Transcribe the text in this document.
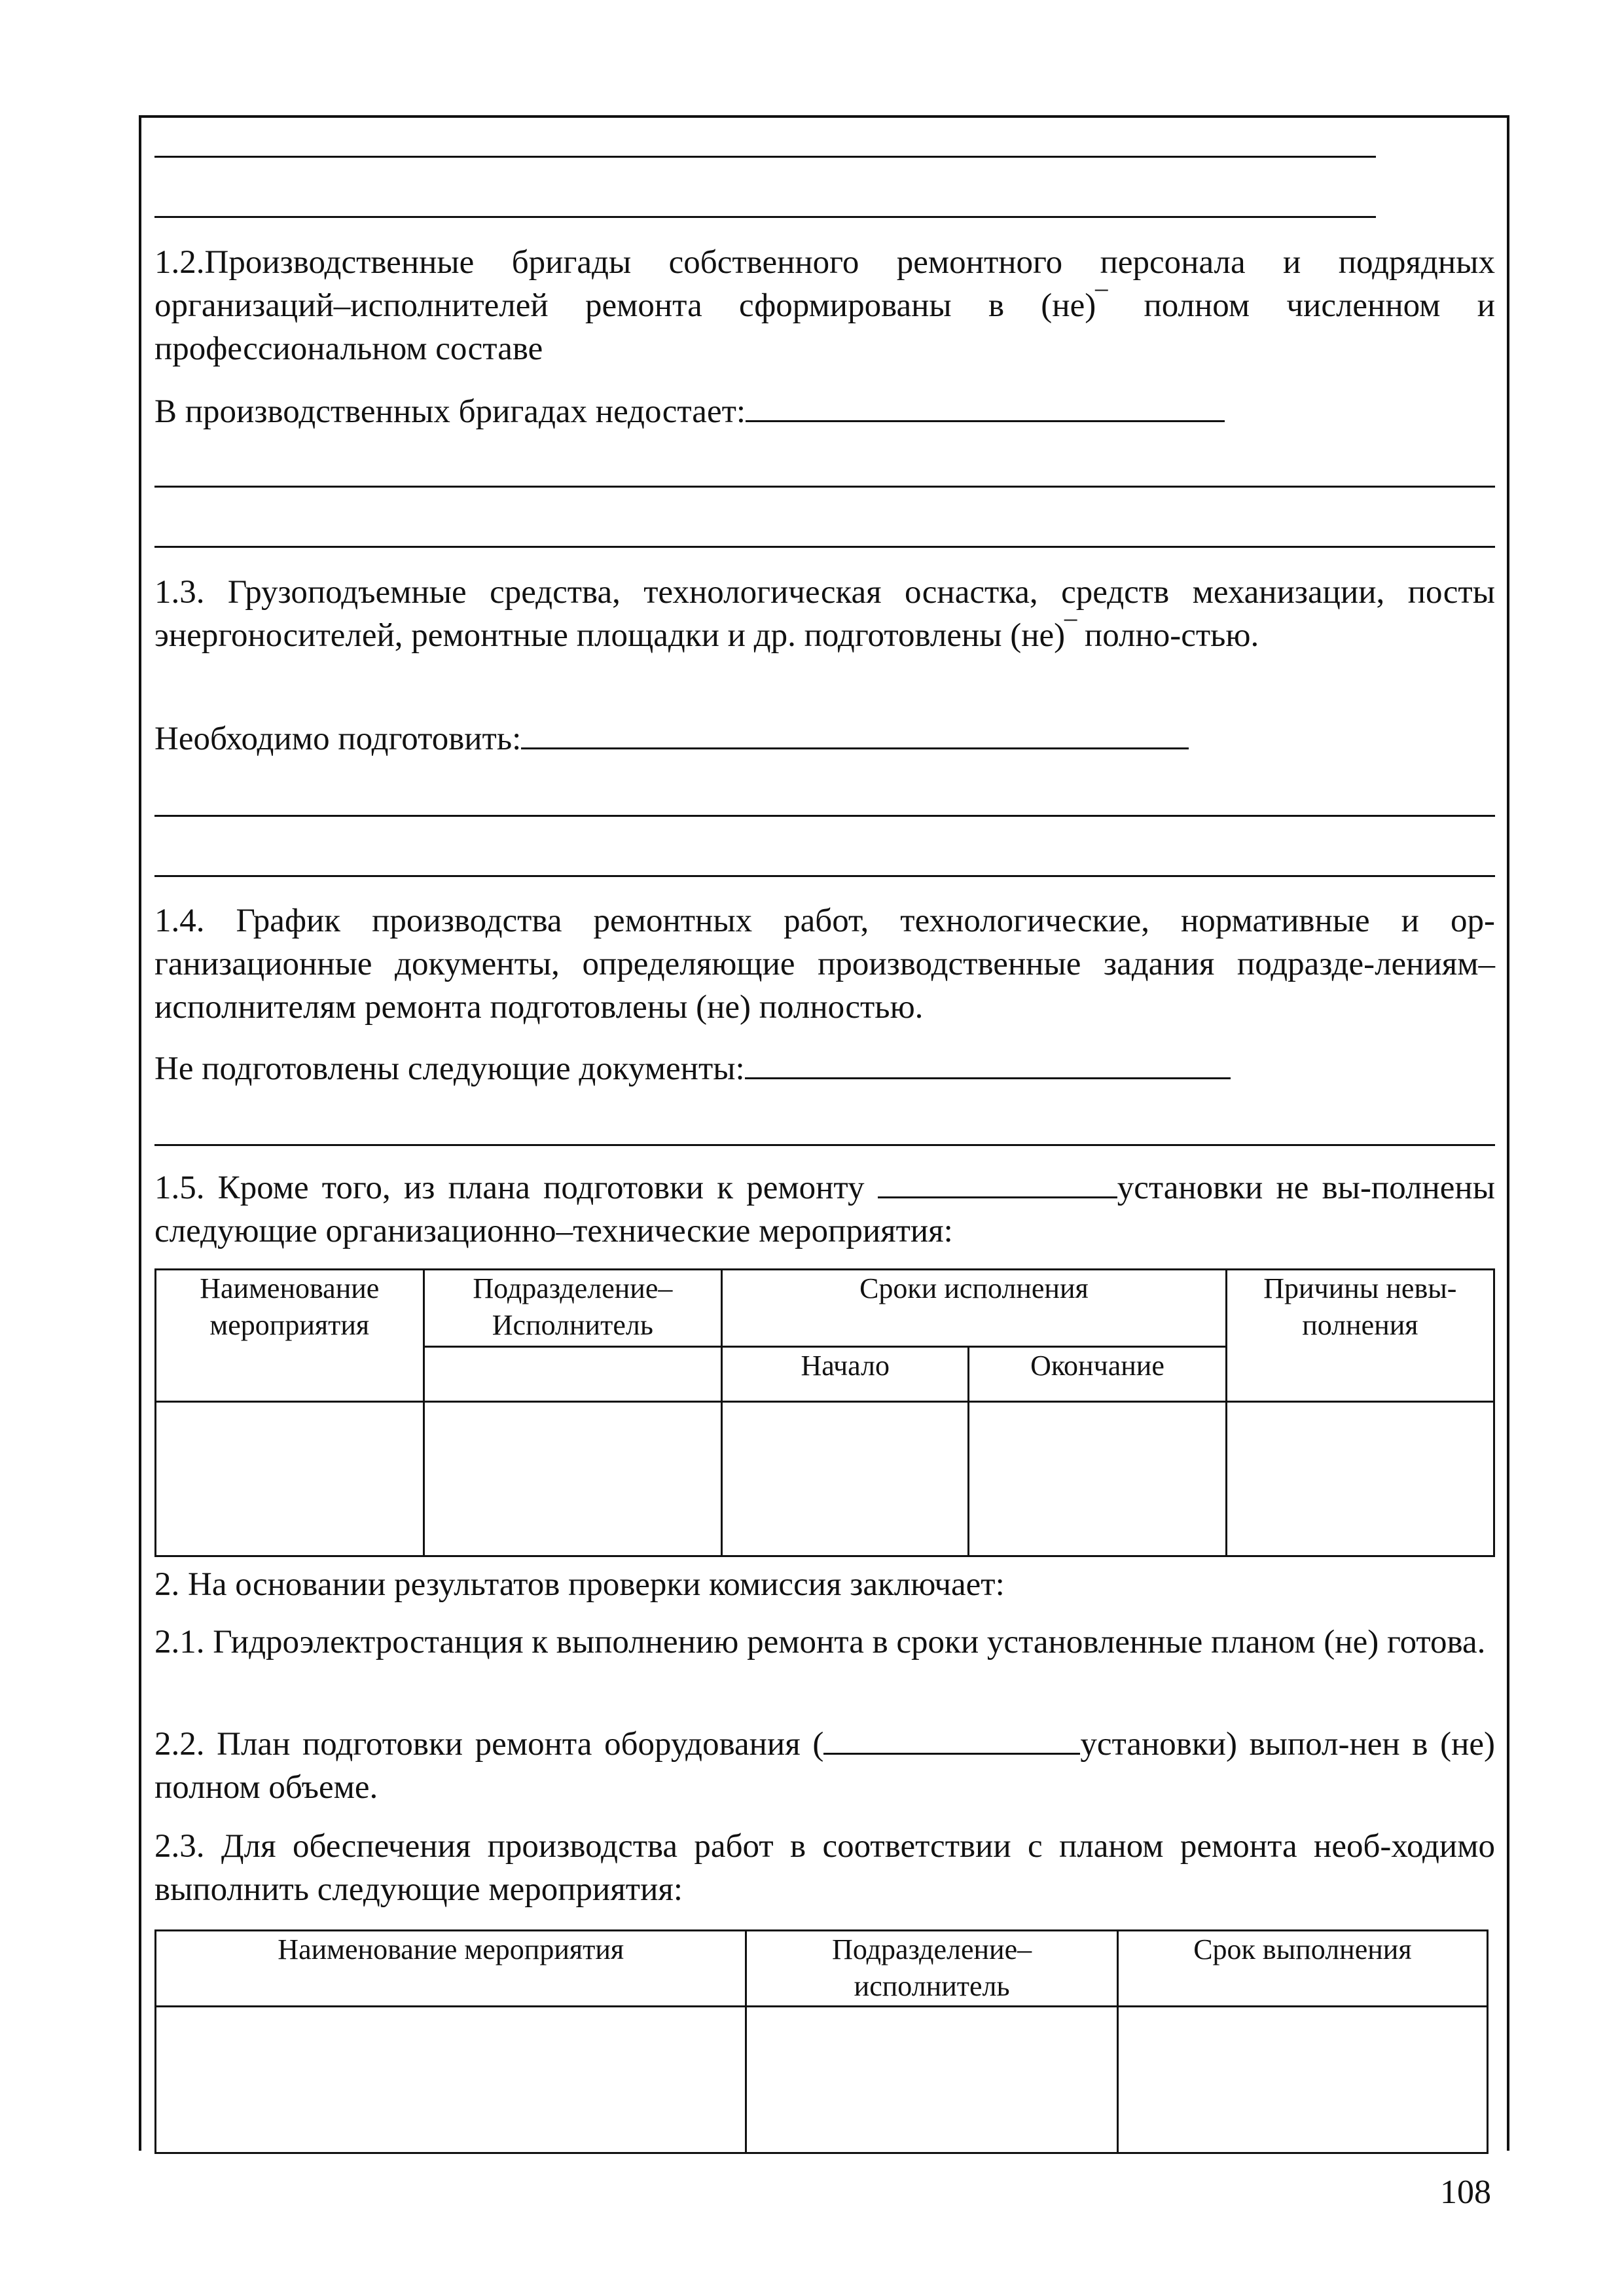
1.2.Производственные бригады собственного ремонтного персонала и подрядных организаций–исполнителей ремонта сформированы в (не)‾ полном численном и профессиональном составе

В производственных бригадах недостает:

1.3. Грузоподъемные средства, технологическая оснастка, средств механизации, посты энергоносителей, ремонтные площадки и др. подготовлены (не)‾ полно-стью.

Необходимо подготовить:

1.4. График производства ремонтных работ, технологические, нормативные и ор-ганизационные документы, определяющие производственные задания подразде-лениям– исполнителям ремонта подготовлены (не) полностью.

Не подготовлены следующие документы:

1.5. Кроме того, из плана подготовки к ремонту	установки не вы-полнены следующие организационно–технические мероприятия:

Наименование мероприятия	Подразделение– Исполнитель	Сроки исполнения		Причины невы-полнения
		Начало	Окончание	

2. На основании результатов проверки комиссия заключает:

2.1. Гидроэлектростанция к выполнению ремонта в сроки установленные планом (не) готова.

2.2. План подготовки ремонта оборудования (	установки) выпол-нен в (не) полном объеме.

2.3. Для обеспечения производства работ в соответствии с планом ремонта необ-ходимо выполнить следующие мероприятия:

Наименование мероприятия	Подразделение– исполнитель	Срок выполнения

108
